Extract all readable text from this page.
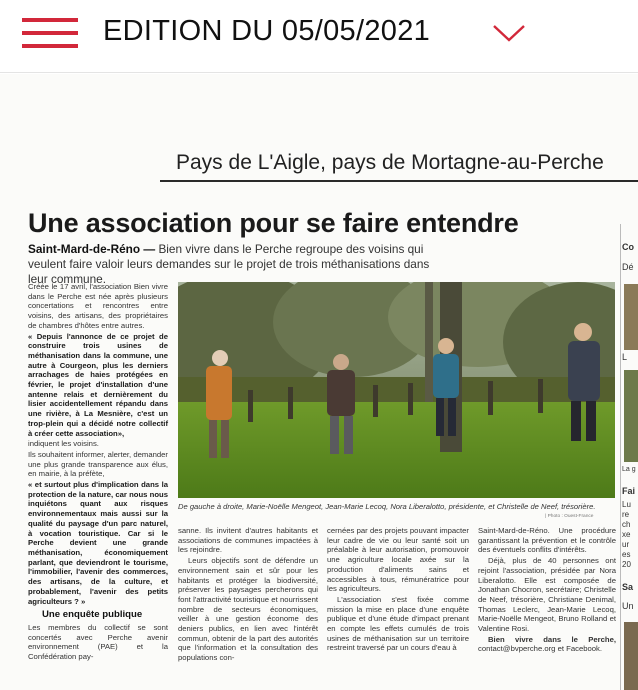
EDITION DU 05/05/2021
Pays de L'Aigle, pays de Mortagne-au-Perche
Une association pour se faire entendre
Saint-Mard-de-Réno — Bien vivre dans le Perche regroupe des voisins qui veulent faire valoir leurs demandes sur le projet de trois méthanisations dans leur commune.

Créée le 17 avril, l'association Bien vivre dans le Perche est née après plusieurs concertations et rencontres entre voisins, des artisans, des propriétaires de chambres d'hôtes entre autres.

« Depuis l'annonce de ce projet de construire trois usines de méthanisation dans la commune, une autre à Courgeon, plus les derniers arrachages de haies protégées en février, le projet d'installation d'une antenne relais et dernièrement du lisier accidentellement répandu dans une rivière, à La Mesnière, c'est un trop-plein qui a décidé notre collectif à créer cette association»,

indiquent les voisins.

Ils souhaitent informer, alerter, demander une plus grande transparence aux élus, en mairie, à la préfète,

« et surtout plus d'implication dans la protection de la nature, car nous nous inquiétons quant aux risques environnementaux mais aussi sur la qualité du paysage d'un parc naturel, à vocation touristique. Car si le Perche devient une grande méthanisation, économiquement parlant, que deviendront le tourisme, l'immobilier, l'avenir des commerces, des artisans, de la culture, et probablement, l'avenir des petits agriculteurs ? »

Une enquête publique

Les membres du collectif se sont concertés avec Perche avenir environnement (PAE) et la Confédération pay-

De gauche à droite, Marie-Noëlle Mengeot, Jean-Marie Lecoq, Nora Liberalotto, présidente, et Christelle de Neef, trésorière.
| Photo : Ouest-France

sanne. Ils invitent d'autres habitants et associations de communes impactées à les rejoindre.

Leurs objectifs sont de défendre un environnement sain et sûr pour les habitants et protéger la biodiversité, préserver les paysages percherons qui font l'attractivité touristique et nourrissent nombre de secteurs économiques, veiller à une gestion économe des deniers publics, en lien avec l'intérêt commun, obtenir de la part des autorités que l'information et la consultation des populations con-

cernées par des projets pouvant impacter leur cadre de vie ou leur santé soit un préalable à leur autorisation, promouvoir une agriculture locale axée sur la production d'aliments sains et accessibles à tous, rémunératrice pour les agriculteurs.

L'association s'est fixée comme mission la mise en place d'une enquête publique et d'une étude d'impact prenant en compte les effets cumulés de trois usines de méthanisation sur un territoire restreint traversé par un cours d'eau à

Saint-Mard-de-Réno. Une procédure garantissant la prévention et le contrôle des éventuels conflits d'intérêts.

Déjà, plus de 40 personnes ont rejoint l'association, présidée par Nora Liberalotto. Elle est composée de Jonathan Chocron, secrétaire; Christelle de Neef, trésorière, Christiane Denimal, Thomas Leclerc, Jean-Marie Lecoq, Marie-Noëlle Mengeot, Bruno Rolland et Valentine Rosi.

Bien vivre dans le Perche, contact@bvperche.org et Facebook.

Co
Dé
L
La g
Fai
Lu
re
ch
xe
ur
es
20
Sa
Un
